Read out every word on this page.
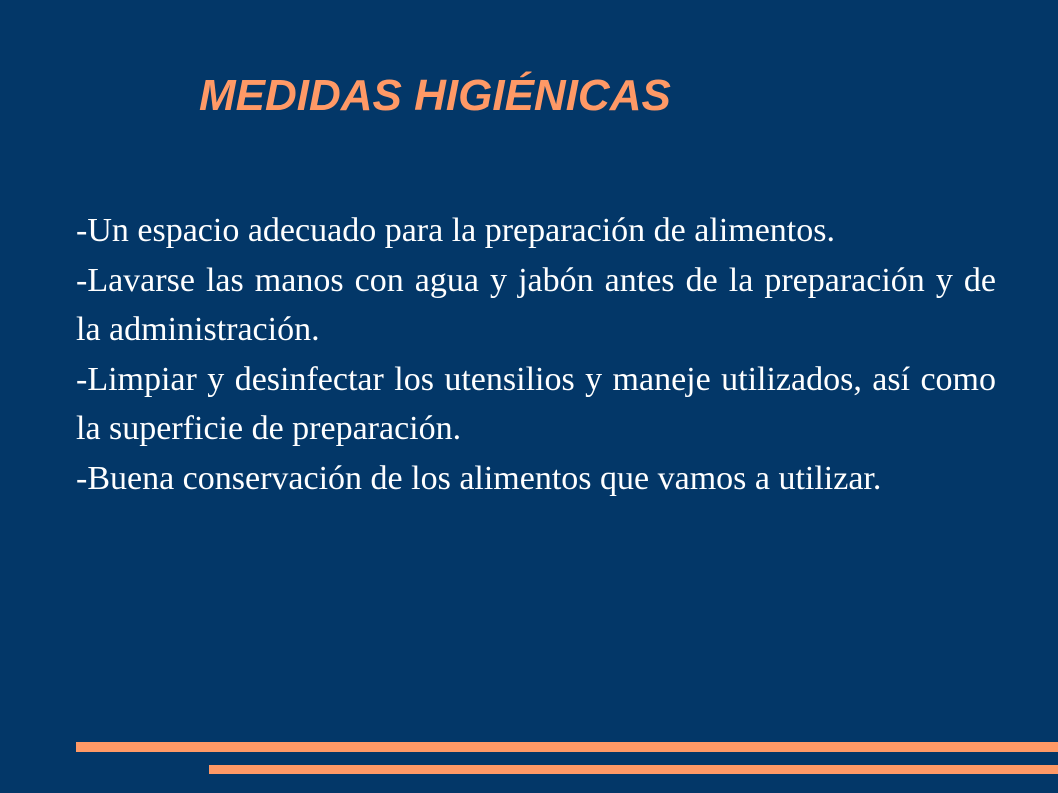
MEDIDAS HIGIÉNICAS

-Un espacio adecuado para la preparación de alimentos.

-Lavarse las manos con agua y jabón antes de la preparación y de la administración.

-Limpiar y desinfectar los utensilios y maneje utilizados, así como la superficie de preparación.

-Buena conservación de los alimentos que vamos a utilizar.
